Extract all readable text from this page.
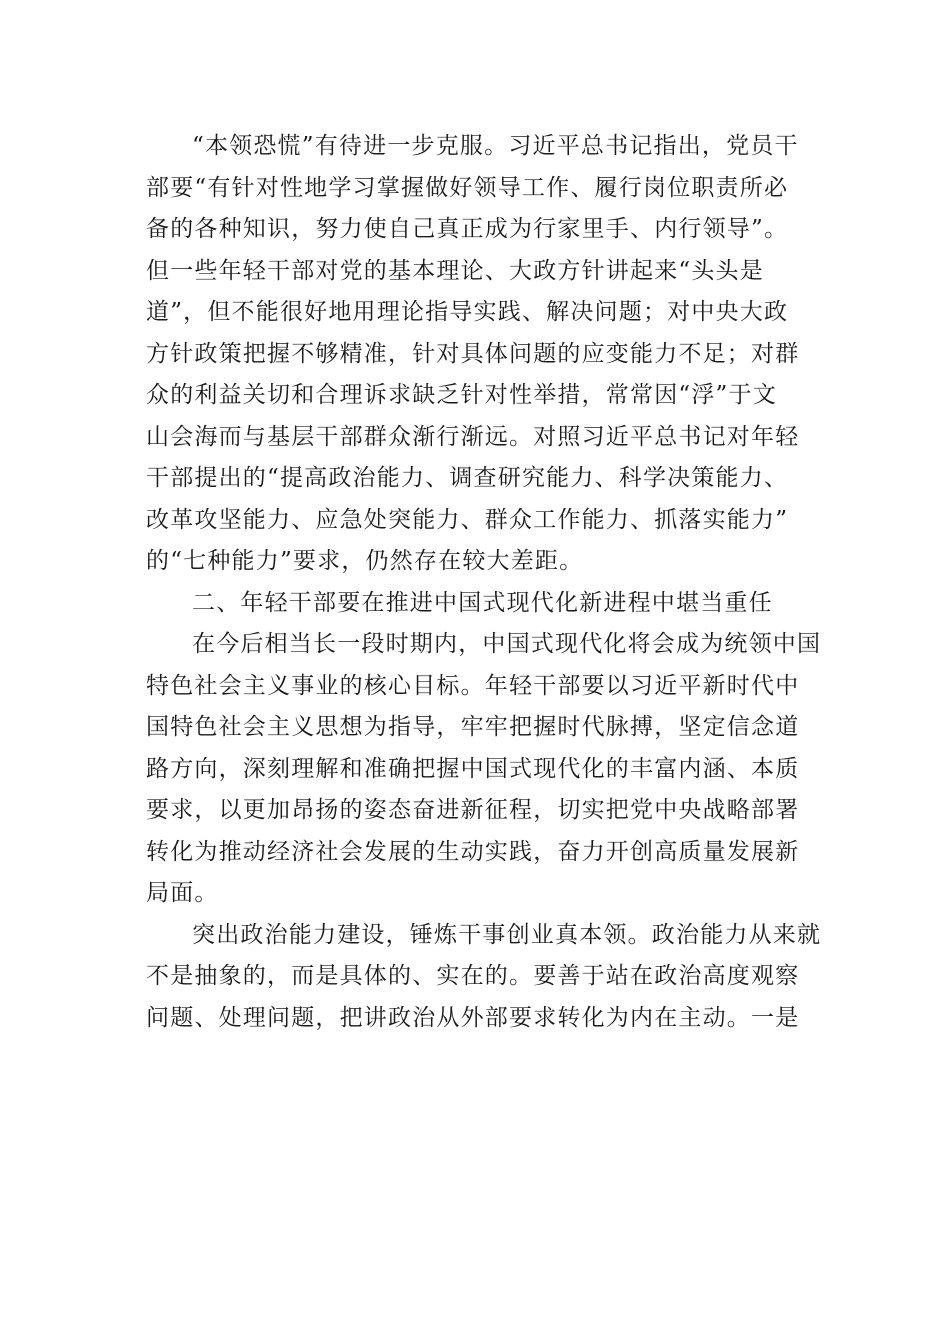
“本领恐慌”有待进一步克服。习近平总书记指出，党员干
部要“有针对性地学习掌握做好领导工作、履行岗位职责所必
备的各种知识，努力使自己真正成为行家里手、内行领导”。
但一些年轻干部对党的基本理论、大政方针讲起来“头头是
道”，但不能很好地用理论指导实践、解决问题；对中央大政
方针政策把握不够精准，针对具体问题的应变能力不足；对群
众的利益关切和合理诉求缺乏针对性举措，常常因“浮”于文
山会海而与基层干部群众渐行渐远。对照习近平总书记对年轻
干部提出的“提高政治能力、调查研究能力、科学决策能力、
改革攻坚能力、应急处突能力、群众工作能力、抓落实能力”
的“七种能力”要求，仍然存在较大差距。
二、年轻干部要在推进中国式现代化新进程中堪当重任
在今后相当长一段时期内，中国式现代化将会成为统领中国
特色社会主义事业的核心目标。年轻干部要以习近平新时代中
国特色社会主义思想为指导，牢牢把握时代脉搏，坚定信念道
路方向，深刻理解和准确把握中国式现代化的丰富内涵、本质
要求，以更加昂扬的姿态奋进新征程，切实把党中央战略部署
转化为推动经济社会发展的生动实践，奋力开创高质量发展新
局面。
突出政治能力建设，锤炼干事创业真本领。政治能力从来就
不是抽象的，而是具体的、实在的。要善于站在政治高度观察
问题、处理问题，把讲政治从外部要求转化为内在主动。一是
